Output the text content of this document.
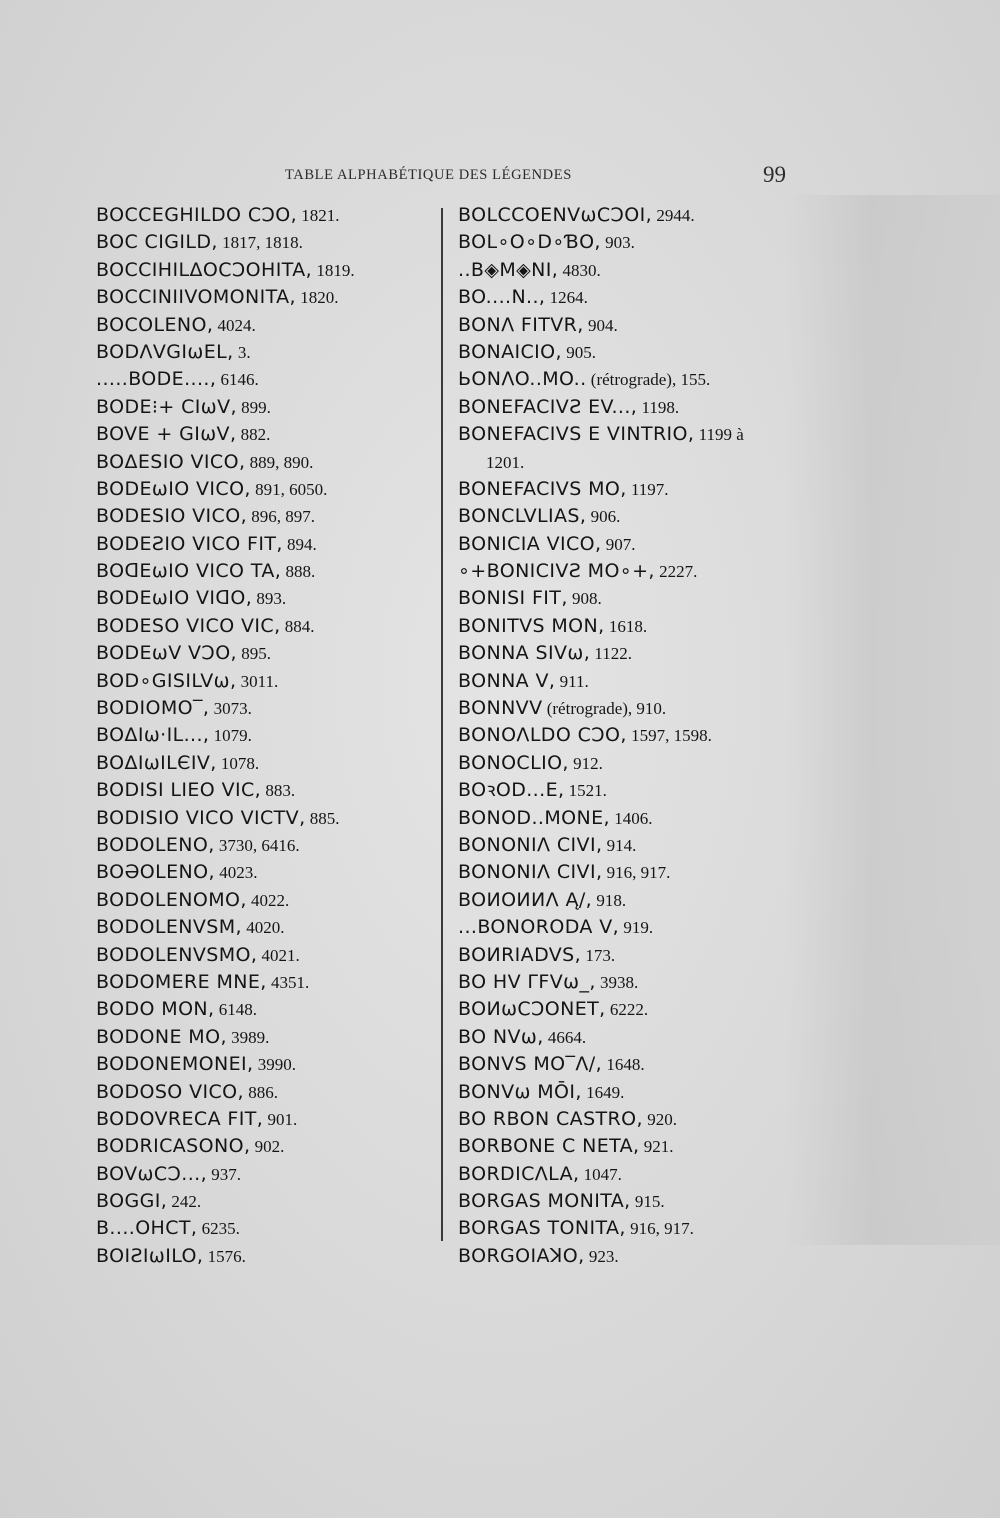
TABLE ALPHABÉTIQUE DES LÉGENDES	99
BOCCEGHILDO ϹϽO, 1821.
BOC CIGILD, 1817, 1818.
BOCCIHILΔOϹϽOHITA, 1819.
BOCCINIIVOMONITA, 1820.
BOCOLENO, 4024.
BODΛVGIωEL, 3.
.....BODE...., 6146.
BODE⁝+ CIωV, 899.
BOVE + GIωV, 882.
BOΔESIO VICO, 889, 890.
BODEωIO VICO, 891, 6050.
BODESIO VICO, 896, 897.
BODEƧIO VICO FIT, 894.
BOᗡEωIO VICO TA, 888.
BODEωIO VIᗡO, 893.
BODESO VICO VIC, 884.
BODEωV VϽO, 895.
BOD∘GISILVω, 3011.
BODIOMO‾, 3073.
BOΔIω·IL..., 1079.
BOΔIωILЄIV, 1078.
BODISI LIEO VIC, 883.
BODISIO VICO VICTV, 885.
BODOLENO, 3730, 6416.
BOƏOLENO, 4023.
BODOLENOMO, 4022.
BODOLENVSM, 4020.
BODOLENVSMO, 4021.
BODOMERE MNE, 4351.
BODO MON, 6148.
BODONE MO, 3989.
BODONEMONEI, 3990.
BODOSO VICO, 886.
BODOVRECA FIT, 901.
BODRICASONO, 902.
BOVωϹϽ..., 937.
BOGGI, 242.
B....OHCT, 6235.
BOIƧIωILO, 1576.
BOLCCOENVωϹϽOI, 2944.
BOL∘O∘D∘ƁO, 903.
..B◈M◈NI, 4830.
BO....N.., 1264.
BONΛ FITVR, 904.
BONAICIO, 905.
ЬONΛO..MO.. (rétrograde), 155.
BONEFACIVƧ EV..., 1198.
BONEFACIVS E VINTRIO, 1199 à
1201.
BONEFACIVS MO, 1197.
BONCLVLIAS, 906.
BONICIA VICO, 907.
∘+BONICIVƧ MO∘+, 2227.
BONISI FIT, 908.
BONITVS MON, 1618.
BONNA SIVω, 1122.
BONNA V, 911.
BONNVV (rétrograde), 910.
BONOΛLDO ϹϽO, 1597, 1598.
BONOCLIO, 912.
BOꝛOD...E, 1521.
BONOD..MONE, 1406.
BONONIΛ CIVI, 914.
BONONIΛ CIVI, 916, 917.
BOИOИИΛ Ą/, 918.
...BONORODA V, 919.
BOИRIADVS, 173.
BO HV ΓFVω_, 3938.
BOИωϹϽONET, 6222.
BO NVω, 4664.
BONVS MO‾Λ/, 1648.
BONVω MŌI, 1649.
BO RBON CASTRO, 920.
BORBONE C NETA, 921.
BORDICΛLA, 1047.
BORGAS MONITA, 915.
BORGAS TONITA, 916, 917.
BORGOIAꓘO, 923.
